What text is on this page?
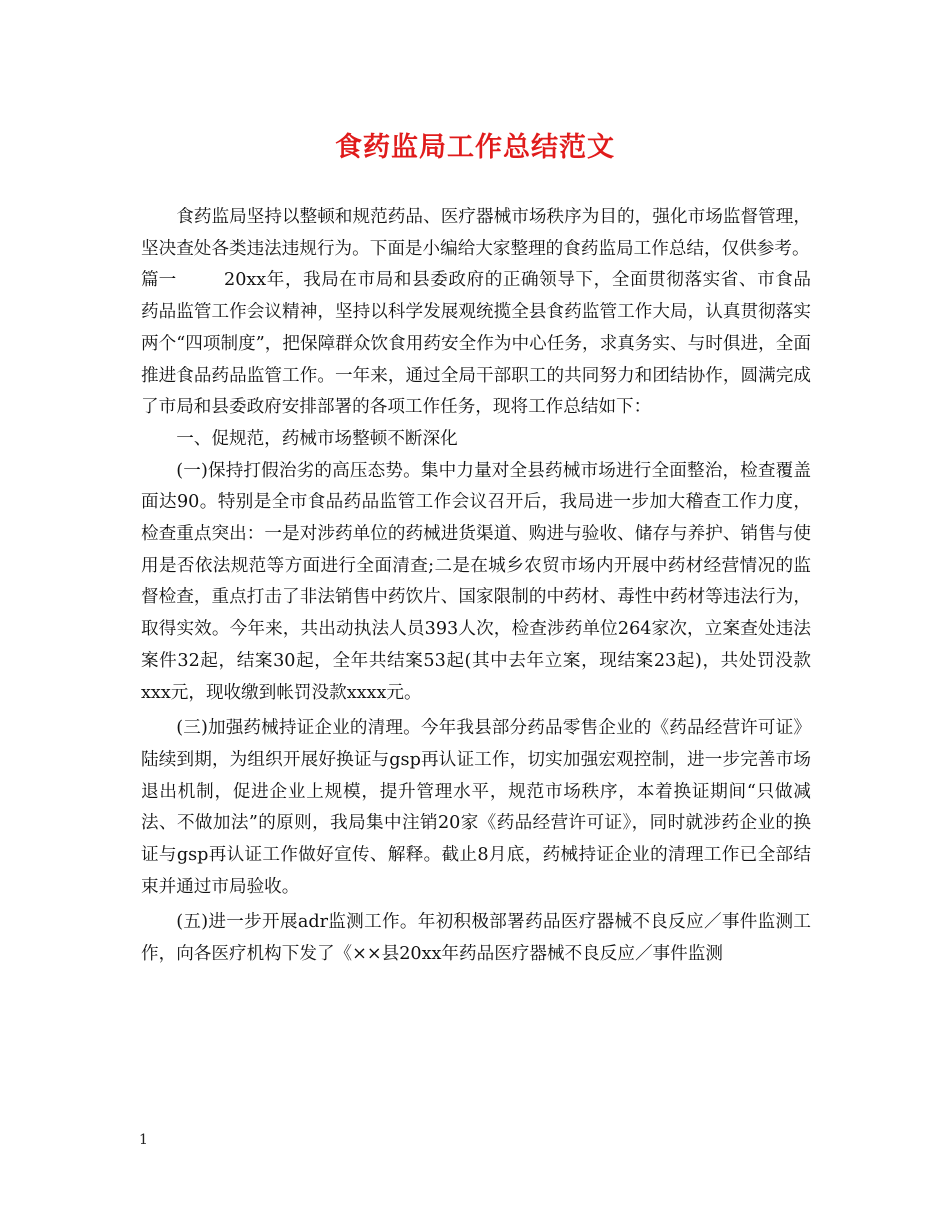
食药监局工作总结范文

食药监局坚持以整顿和规范药品、医疗器械市场秩序为目的，强化市场监督管理，坚决查处各类违法违规行为。下面是小编给大家整理的食药监局工作总结，仅供参考。

篇一	20xx年，我局在市局和县委政府的正确领导下，全面贯彻落实省、市食品药品监管工作会议精神，坚持以科学发展观统揽全县食药监管工作大局，认真贯彻落实两个“四项制度”，把保障群众饮食用药安全作为中心任务，求真务实、与时俱进，全面推进食品药品监管工作。一年来，通过全局干部职工的共同努力和团结协作，圆满完成了市局和县委政府安排部署的各项工作任务，现将工作总结如下：

一、促规范，药械市场整顿不断深化

(一)保持打假治劣的高压态势。集中力量对全县药械市场进行全面整治，检查覆盖面达90。特别是全市食品药品监管工作会议召开后，我局进一步加大稽查工作力度，检查重点突出：一是对涉药单位的药械进货渠道、购进与验收、储存与养护、销售与使用是否依法规范等方面进行全面清查;二是在城乡农贸市场内开展中药材经营情况的监督检查，重点打击了非法销售中药饮片、国家限制的中药材、毒性中药材等违法行为，取得实效。今年来，共出动执法人员393人次，检查涉药单位264家次，立案查处违法案件32起，结案30起，全年共结案53起(其中去年立案，现结案23起)，共处罚没款xxx元，现收缴到帐罚没款xxxx元。

(三)加强药械持证企业的清理。今年我县部分药品零售企业的《药品经营许可证》陆续到期，为组织开展好换证与gsp再认证工作，切实加强宏观控制，进一步完善市场退出机制，促进企业上规模，提升管理水平，规范市场秩序，本着换证期间“只做减法、不做加法”的原则，我局集中注销20家《药品经营许可证》，同时就涉药企业的换证与gsp再认证工作做好宣传、解释。截止8月底，药械持证企业的清理工作已全部结束并通过市局验收。

(五)进一步开展adr监测工作。年初积极部署药品医疗器械不良反应／事件监测工作，向各医疗机构下发了《××县20xx年药品医疗器械不良反应／事件监测

1
